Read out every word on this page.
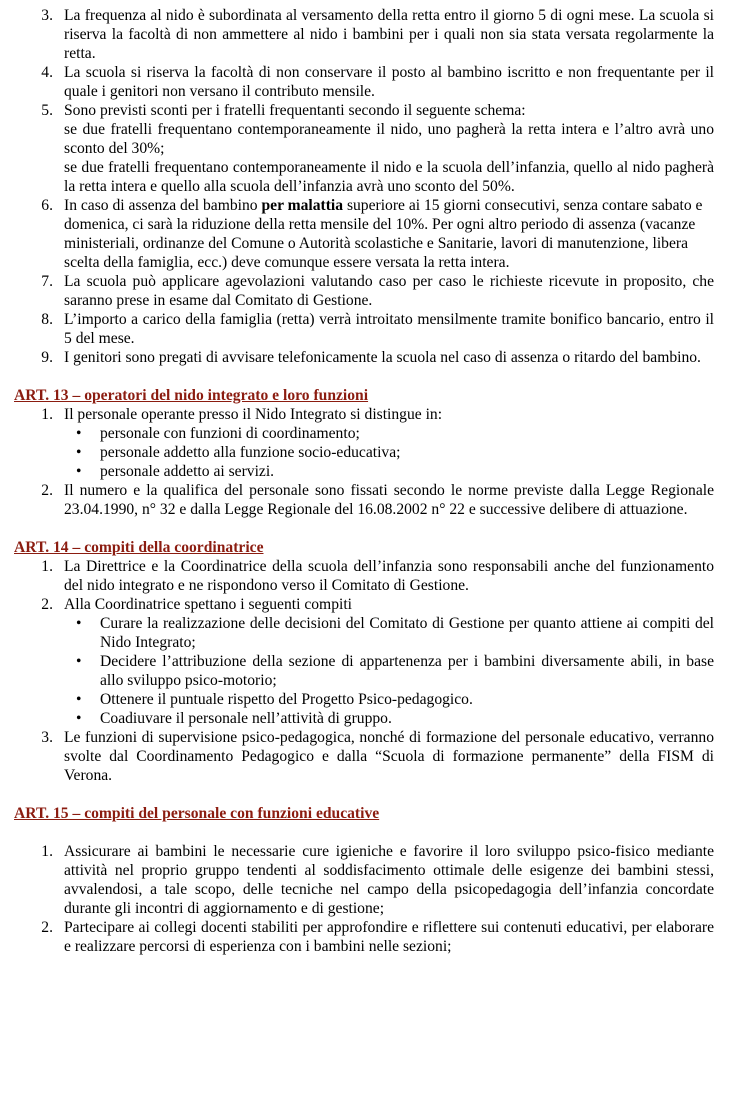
3. La frequenza al nido è subordinata al versamento della retta entro il giorno 5 di ogni mese. La scuola si riserva la facoltà di non ammettere al nido i bambini per i quali non sia stata versata regolarmente la retta.
4. La scuola si riserva la facoltà di non conservare il posto al bambino iscritto e non frequentante per il quale i genitori non versano il contributo mensile.
5. Sono previsti sconti per i fratelli frequentanti secondo il seguente schema:
se due fratelli frequentano contemporaneamente il nido, uno pagherà la retta intera e l’altro avrà uno sconto del 30%;
se due fratelli frequentano contemporaneamente il nido e la scuola dell’infanzia, quello al nido pagherà la retta intera e quello alla scuola dell’infanzia avrà uno sconto del 50%.
6. In caso di assenza del bambino per malattia superiore ai 15 giorni consecutivi, senza contare sabato e domenica, ci sarà la riduzione della retta mensile del 10%. Per ogni altro periodo di assenza (vacanze ministeriali, ordinanze del Comune o Autorità scolastiche e Sanitarie, lavori di manutenzione, libera scelta della famiglia, ecc.) deve comunque essere versata la retta intera.
7. La scuola può applicare agevolazioni valutando caso per caso le richieste ricevute in proposito, che saranno prese in esame dal Comitato di Gestione.
8. L’importo a carico della famiglia (retta) verrà introitato mensilmente tramite bonifico bancario, entro il 5 del mese.
9. I genitori sono pregati di avvisare telefonicamente la scuola nel caso di assenza o ritardo del bambino.
ART. 13 – operatori del nido integrato e loro funzioni
1. Il personale operante presso il Nido Integrato si distingue in:
•	personale con funzioni di coordinamento;
•	personale addetto alla funzione socio-educativa;
•	personale addetto ai servizi.
2. Il numero e la qualifica del personale sono fissati secondo le norme previste dalla Legge Regionale 23.04.1990, n° 32 e dalla Legge Regionale del 16.08.2002 n° 22 e successive delibere di attuazione.
ART. 14 – compiti della coordinatrice
1. La Direttrice e la Coordinatrice della scuola dell’infanzia sono responsabili anche del funzionamento del nido integrato e ne rispondono verso il Comitato di Gestione.
2. Alla Coordinatrice spettano i seguenti compiti
•	Curare la realizzazione delle decisioni del Comitato di Gestione per quanto attiene ai compiti del Nido Integrato;
•	Decidere l’attribuzione della sezione di appartenenza per i bambini diversamente abili, in base allo sviluppo psico-motorio;
•	Ottenere il puntuale rispetto del Progetto Psico-pedagogico.
•	Coadiuvare il personale nell’attività di gruppo.
3. Le funzioni di supervisione psico-pedagogica, nonché di formazione del personale educativo, verranno svolte dal Coordinamento Pedagogico e dalla “Scuola di formazione permanente” della FISM di Verona.
ART. 15 – compiti del personale con funzioni educative
1. Assicurare ai bambini le necessarie cure igieniche e favorire il loro sviluppo psico-fisico mediante attività nel proprio gruppo tendenti al soddisfacimento ottimale delle esigenze dei bambini stessi, avvalendosi, a tale scopo, delle tecniche nel campo della psicopedagogia dell’infanzia concordate durante gli incontri di aggiornamento e di gestione;
2. Partecipare ai collegi docenti stabiliti per approfondire e riflettere sui contenuti educativi, per elaborare e realizzare percorsi di esperienza con i bambini nelle sezioni;
